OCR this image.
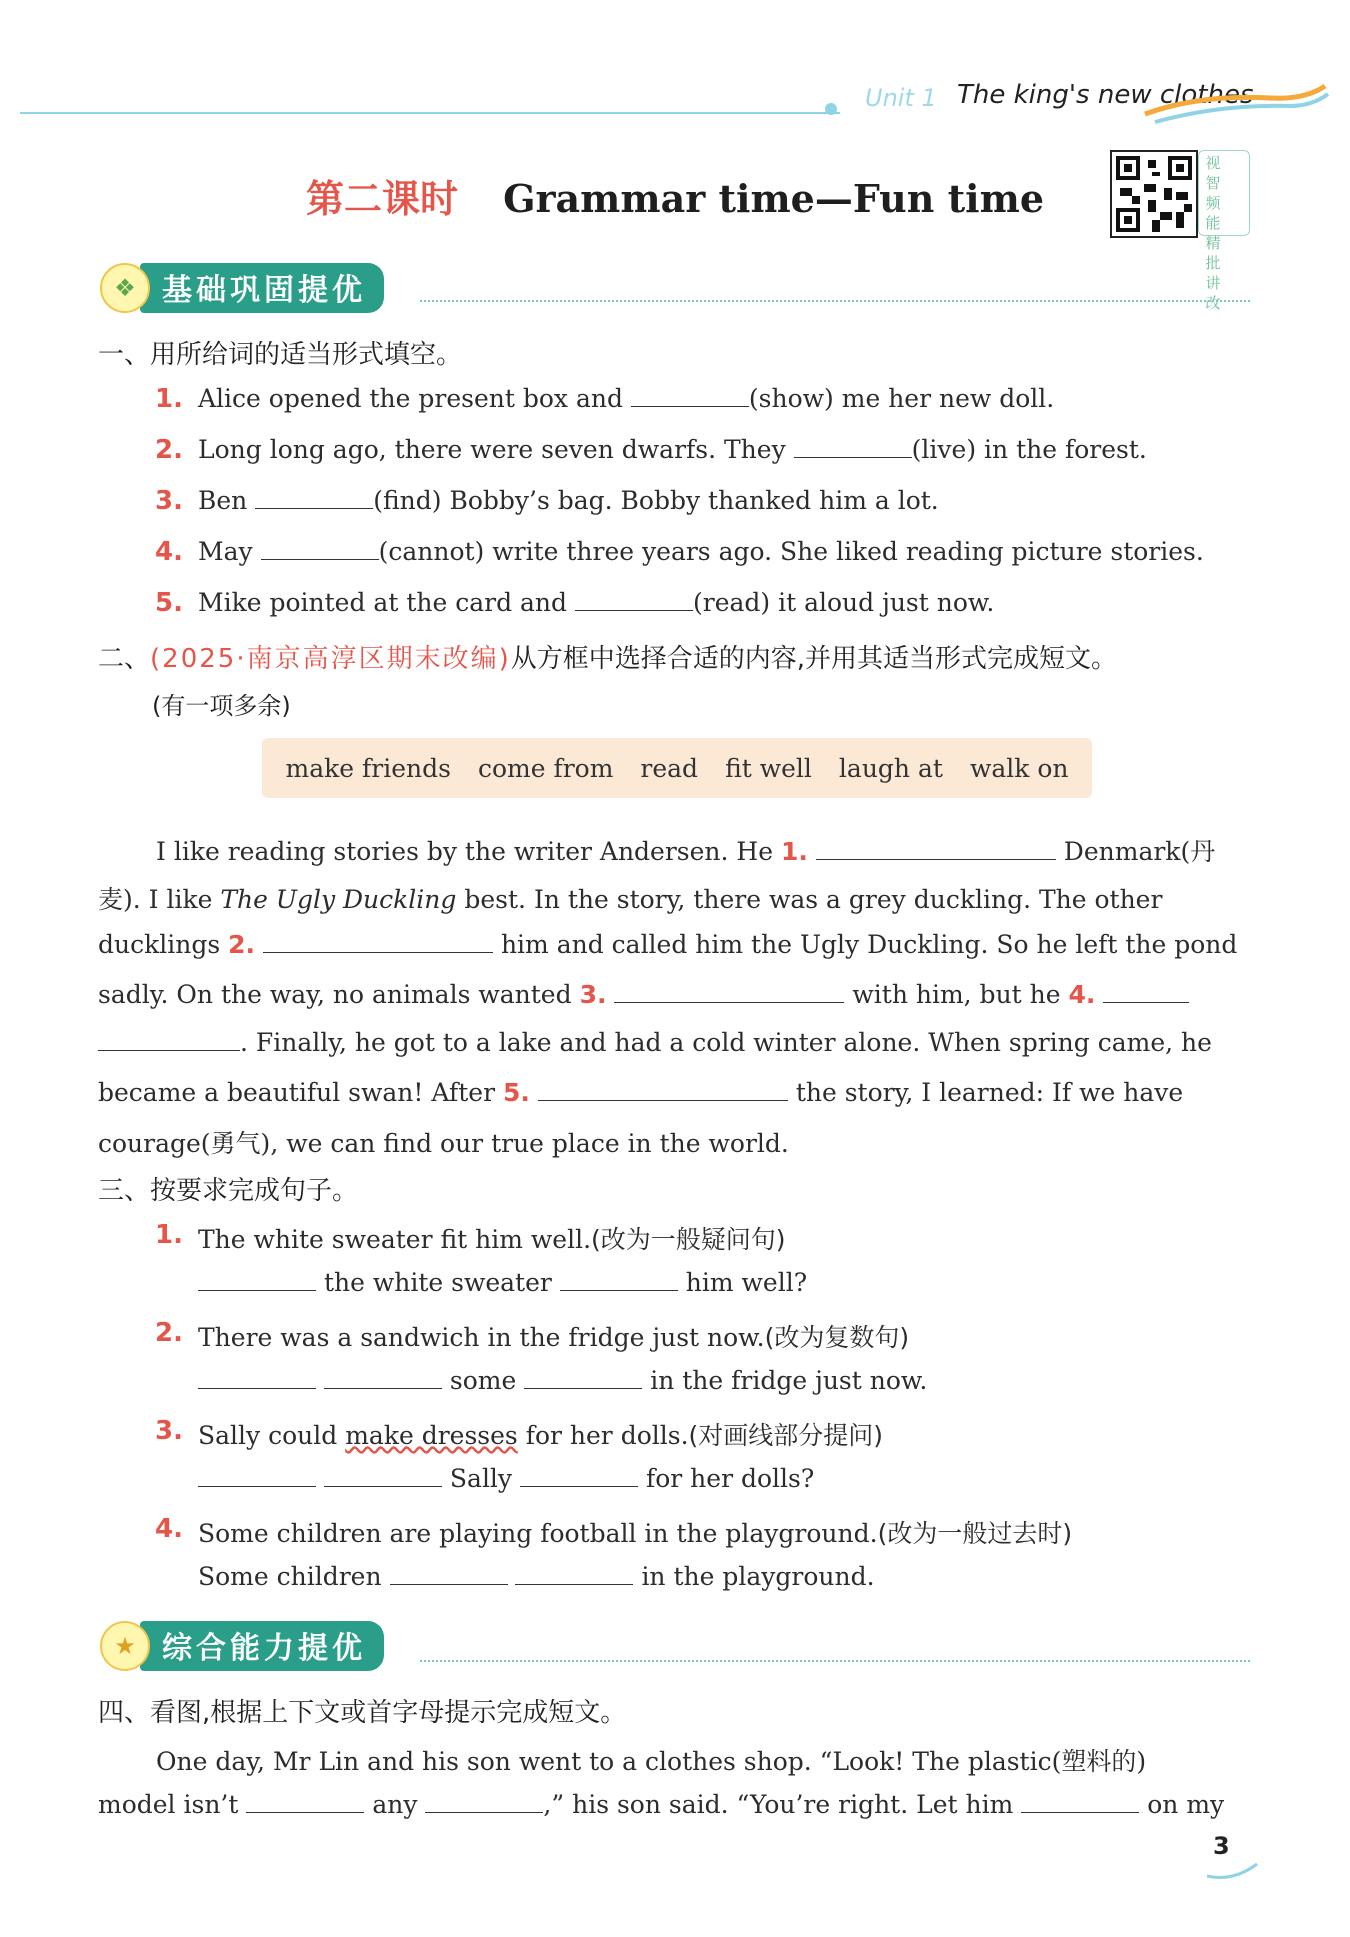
Unit 1 The king's new clothes
第二课时 Grammar time—Fun time
视
智
频
能
精
批
讲
改
❖ 基础巩固提优
一、用所给词的适当形式填空。
1. Alice opened the present box and	(show) me her new doll.
2. Long long ago, there were seven dwarfs. They	(live) in the forest.
3. Ben	(find) Bobby’s bag. Bobby thanked him a lot.
4. May	(cannot) write three years ago. She liked reading picture stories.
5. Mike pointed at the card and	(read) it aloud just now.
二、(2025·南京高淳区期末改编)从方框中选择合适的内容,并用其适当形式完成短文。
(有一项多余)
make friends come from read fit well laugh at walk on
I like reading stories by the writer Andersen. He 1.	Denmark(丹
麦). I like The Ugly Duckling best. In the story, there was a grey duckling. The other
ducklings 2.	him and called him the Ugly Duckling. So he left the pond
sadly. On the way, no animals wanted 3.	with him, but he 4.
. Finally, he got to a lake and had a cold winter alone. When spring came, he
became a beautiful swan! After 5.	the story, I learned: If we have
courage(勇气), we can find our true place in the world.
三、按要求完成句子。
1. The white sweater fit him well.(改为一般疑问句)
the white sweater	him well?
2. There was a sandwich in the fridge just now.(改为复数句)
some	in the fridge just now.
3. Sally could make dresses for her dolls.(对画线部分提问)
Sally	for her dolls?
4. Some children are playing football in the playground.(改为一般过去时)
Some children	in the playground.
★ 综合能力提优
四、看图,根据上下文或首字母提示完成短文。
One day, Mr Lin and his son went to a clothes shop. “Look! The plastic(塑料的)
model isn’t	any	,” his son said. “You’re right. Let him	on my
3
